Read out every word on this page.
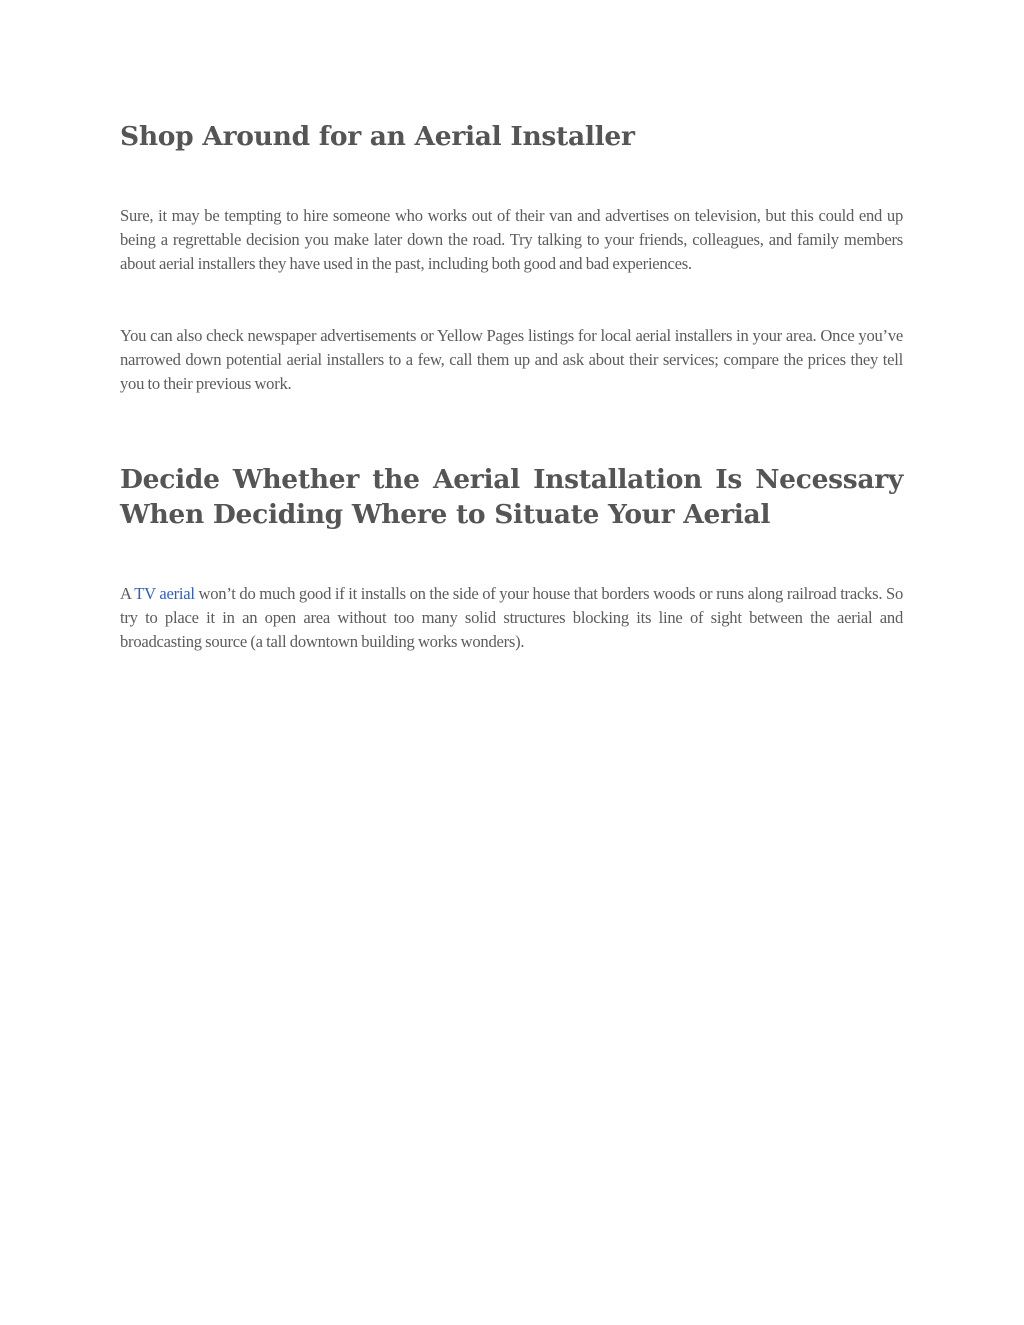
Shop Around for an Aerial Installer

Sure, it may be tempting to hire someone who works out of their van and advertises on television, but this could end up being a regrettable decision you make later down the road. Try talking to your friends, colleagues, and family members about aerial installers they have used in the past, including both good and bad experiences.

You can also check newspaper advertisements or Yellow Pages listings for local aerial installers in your area. Once you’ve narrowed down potential aerial installers to a few, call them up and ask about their services; compare the prices they tell you to their previous work.

Decide Whether the Aerial Installation Is Necessary When Deciding Where to Situate Your Aerial

A TV aerial won’t do much good if it installs on the side of your house that borders woods or runs along railroad tracks. So try to place it in an open area without too many solid structures blocking its line of sight between the aerial and broadcasting source (a tall downtown building works wonders).
